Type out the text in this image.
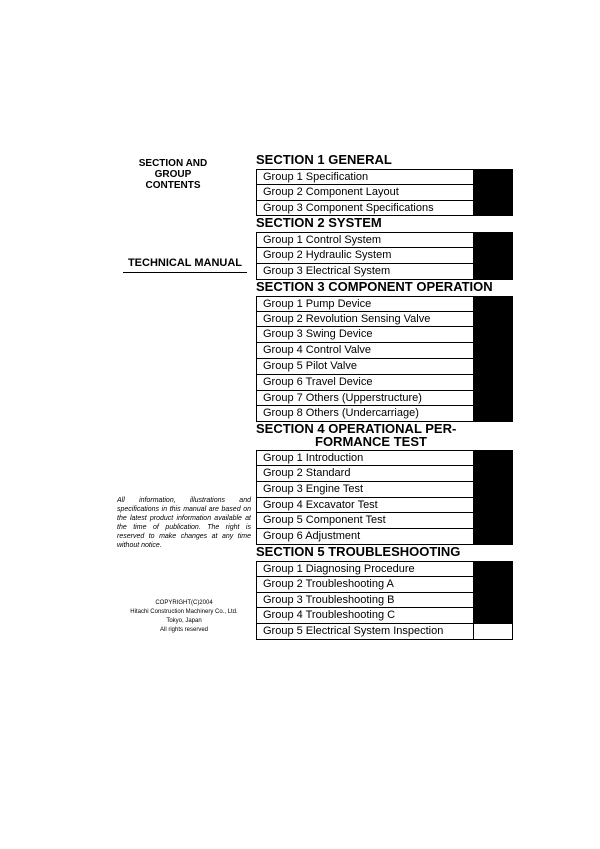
SECTION AND GROUP
CONTENTS
TECHNICAL MANUAL
All information, illustrations and specifications in this manual are based on the latest product information available at the time of publication. The right is reserved to make changes at any time without notice.
COPYRIGHT(C)2004
Hitachi Construction Machinery Co., Ltd.
Tokyo, Japan
All rights reserved
SECTION 1 GENERAL
Group 1 Specification
Group 2 Component Layout
Group 3 Component Specifications
SECTION 2 SYSTEM
Group 1 Control System
Group 2 Hydraulic System
Group 3 Electrical System
SECTION 3 COMPONENT OPERATION
Group 1 Pump Device
Group 2 Revolution Sensing Valve
Group 3 Swing Device
Group 4 Control Valve
Group 5 Pilot Valve
Group 6 Travel Device
Group 7 Others (Upperstructure)
Group 8 Others (Undercarriage)
SECTION 4 OPERATIONAL PER-
FORMANCE TEST
Group 1 Introduction
Group 2 Standard
Group 3 Engine Test
Group 4 Excavator Test
Group 5 Component Test
Group 6 Adjustment
SECTION 5 TROUBLESHOOTING
Group 1 Diagnosing Procedure
Group 2 Troubleshooting A
Group 3 Troubleshooting B
Group 4 Troubleshooting C
Group 5 Electrical System Inspection
